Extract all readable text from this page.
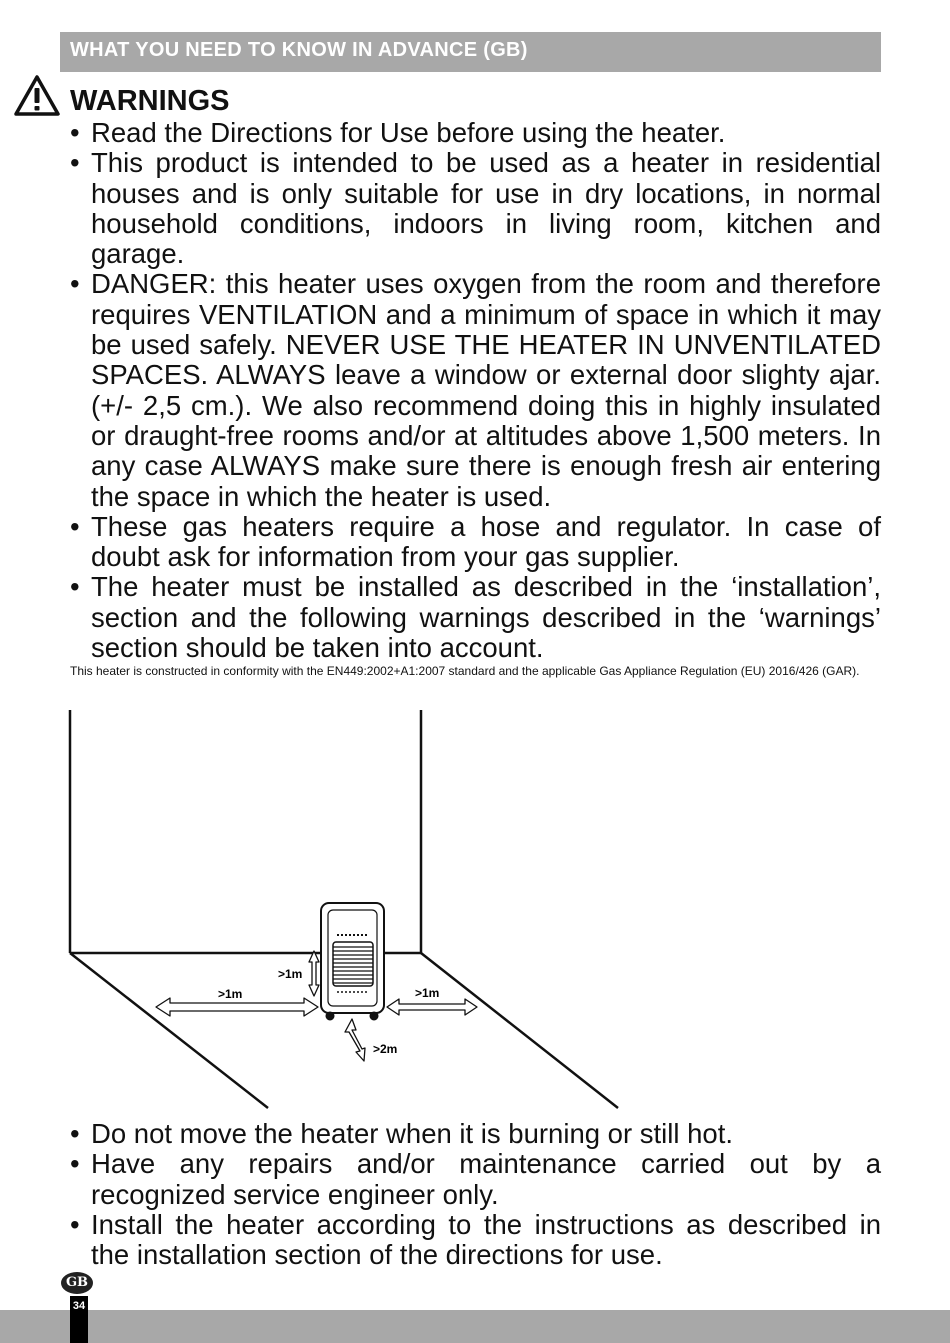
WHAT YOU NEED TO KNOW IN ADVANCE (GB)
WARNINGS
• Read the Directions for Use before using the heater.
• This product is intended to be used as a heater in residential houses and is only suitable for use in dry locations, in normal household conditions, indoors in living room, kitchen and garage.
• DANGER: this heater uses oxygen from the room and therefore requires VENTILATION and a minimum of space in which it may be used safely. NEVER USE THE HEATER IN UNVENTILATED SPACES. ALWAYS leave a window or external door slighty ajar. (+/- 2,5 cm.). We also recommend doing this in highly insulated or draught-free rooms and/or at altitudes above 1,500 meters. In any case ALWAYS make sure there is enough fresh air entering the space in which the heater is used.
• These gas heaters require a hose and regulator. In case of doubt ask for information from your gas supplier.
• The heater must be installed as described in the ‘installation’, section and the following warnings described in the ‘warnings’ section should be taken into account.
This heater is constructed in conformity with the EN449:2002+A1:2007 standard and the applicable Gas Appliance Regulation (EU) 2016/426 (GAR).
>1m
>1m
>1m
>2m
• Do not move the heater when it is burning or still hot.
• Have any repairs and/or maintenance carried out by a recognized service engineer only.
• Install the heater according to the instructions as described in the installation section of the directions for use.
GB
34
